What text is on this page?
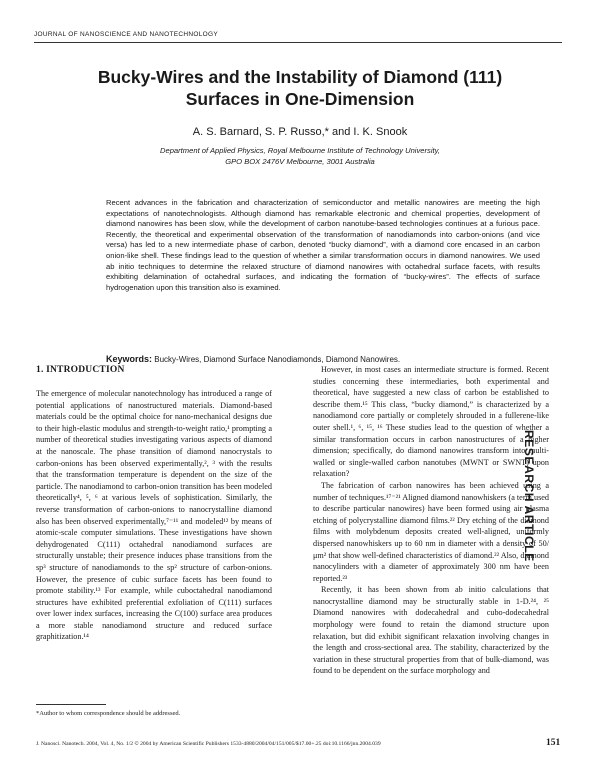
JOURNAL OF NANOSCIENCE AND NANOTECHNOLOGY
Bucky-Wires and the Instability of Diamond (111) Surfaces in One-Dimension
A. S. Barnard, S. P. Russo,* and I. K. Snook
Department of Applied Physics, Royal Melbourne Institute of Technology University,
GPO BOX 2476V Melbourne, 3001 Australia
Recent advances in the fabrication and characterization of semiconductor and metallic nanowires are meeting the high expectations of nanotechnologists. Although diamond has remarkable electronic and chemical properties, development of diamond nanowires has been slow, while the development of carbon nanotube-based technologies continues at a furious pace. Recently, the theoretical and experimental observation of the transformation of nanodiamonds into carbon-onions (and vice versa) has led to a new intermediate phase of carbon, denoted “bucky diamond”, with a diamond core encased in an carbon onion-like shell. These findings lead to the question of whether a similar transformation occurs in diamond nanowires. We used ab initio techniques to determine the relaxed structure of diamond nanowires with octahedral surface facets, with results exhibiting delamination of octahedral surfaces, and indicating the formation of “bucky-wires”. The effects of surface hydrogenation upon this transition also is examined.
Keywords: Bucky-Wires, Diamond Surface Nanodiamonds, Diamond Nanowires.
1. INTRODUCTION

The emergence of molecular nanotechnology has introduced a range of potential applications of nanostructured materials. Diamond-based materials could be the optimal choice for nano-mechanical designs due to their high-elastic modulus and strength-to-weight ratio,¹ prompting a number of theoretical studies investigating various aspects of diamond at the nanoscale. The phase transition of diamond nanocrystals to carbon-onions has been observed experimentally,², ³ with the results that the transformation temperature is dependent on the size of the particle. The nanodiamond to carbon-onion transition has been modeled theoretically⁴, ⁵, ⁶ at various levels of sophistication. Similarly, the reverse transformation of carbon-onions to nanocrystalline diamond also has been observed experimentally,⁷⁻¹¹ and modeled¹² by means of atomic-scale computer simulations. These investigations have shown dehydrogenated C(111) octahedral nanodiamond surfaces are structurally unstable; their presence induces phase transitions from the sp³ structure of nanodiamonds to the sp² structure of carbon-onions. However, the presence of cubic surface facets has been found to promote stability.¹³ For example, while cuboctahedral nanodiamond structures have exhibited preferential exfoliation of C(111) surfaces over lower index surfaces, increasing the C(100) surface area produces a more stable nanodiamond structure and reduced surface graphitization.¹⁴

However, in most cases an intermediate structure is formed. Recent studies concerning these intermediaries, both experimental and theoretical, have suggested a new class of carbon be established to describe them.¹⁵ This class, “bucky diamond,” is characterized by a nanodiamond core partially or completely shrouded in a fullerene-like outer shell.¹, ⁶, ¹⁵, ¹⁶ These studies lead to the question of whether a similar transformation occurs in carbon nanostructures of a higher dimension; specifically, do diamond nanowires transform into multi-walled or single-walled carbon nanotubes (MWNT or SWNT) upon relaxation?

The fabrication of carbon nanowires has been achieved using a number of techniques.¹⁷⁻²¹ Aligned diamond nanowhiskers (a term used to describe particular nanowires) have been formed using air plasma etching of polycrystalline diamond films.²² Dry etching of the diamond films with molybdenum deposits created well-aligned, uniformly dispersed nanowhiskers up to 60 nm in diameter with a density of 50/μm² that show well-defined characteristics of diamond.²² Also, diamond nanocylinders with a diameter of approximately 300 nm have been reported.²³

Recently, it has been shown from ab initio calculations that nanocrystalline diamond may be structurally stable in 1-D.²⁴, ²⁵ Diamond nanowires with dodecahedral and cubo-dodecahedral morphology were found to retain the diamond structure upon relaxation, but did exhibit significant relaxation involving changes in the length and cross-sectional area. The stability, characterized by the variation in these structural properties from that of bulk-diamond, was found to be dependent on the surface morphology and

RESEARCH ARTICLE
*Author to whom correspondence should be addressed.
J. Nanosci. Nanotech. 2004, Vol. 4, No. 1/2 © 2004 by American Scientific Publishers 1533-4880/2004/04/151/005/$17.00+.25 doi:10.1166/jnn.2004.039	151
